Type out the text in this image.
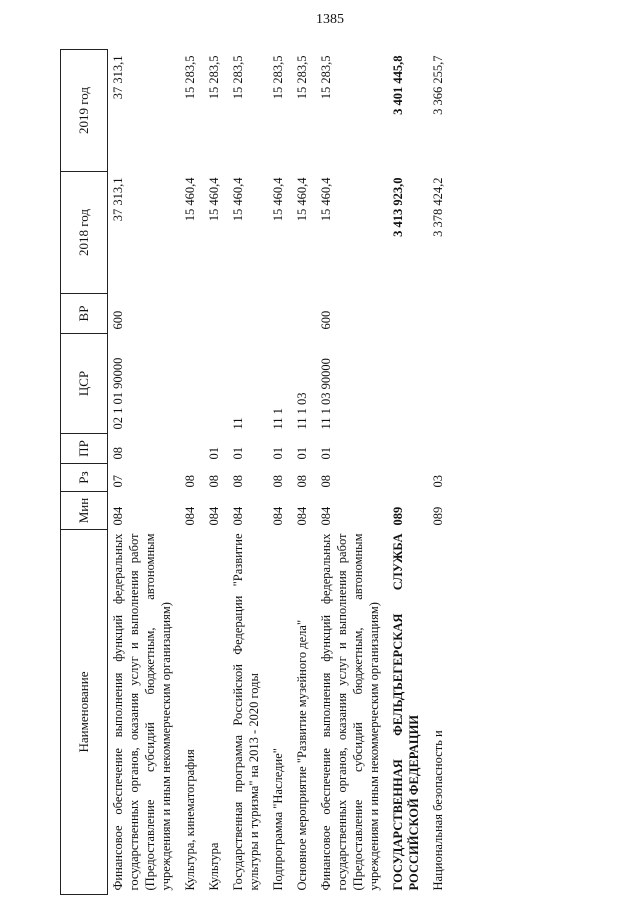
1385
Наименование	Мин	Рз	ПР	ЦСР	ВР	2018 год	2019 год
Финансовое обеспечение выполнения функций федеральных государственных органов, оказания услуг и выполнения работ (Предоставление субсидий бюджетным, автономным учреждениям и иным некоммерческим организациям)	084	07	08	02 1 01 90000	600	37 313,1	37 313,1
Культура, кинематография	084	08				15 460,4	15 283,5
Культура	084	08	01			15 460,4	15 283,5
Государственная программа Российской Федерации "Развитие культуры и туризма" на 2013 - 2020 годы	084	08	01	11		15 460,4	15 283,5
Подпрограмма "Наследие"	084	08	01	11 1		15 460,4	15 283,5
Основное мероприятие "Развитие музейного дела"	084	08	01	11 1 03		15 460,4	15 283,5
Финансовое обеспечение выполнения функций федеральных государственных органов, оказания услуг и выполнения работ (Предоставление субсидий бюджетным, автономным учреждениям и иным некоммерческим организациям)	084	08	01	11 1 03 90000	600	15 460,4	15 283,5
ГОСУДАРСТВЕННАЯ ФЕЛЬДЪЕГЕРСКАЯ СЛУЖБА РОССИЙСКОЙ ФЕДЕРАЦИИ	089					3 413 923,0	3 401 445,8
Национальная безопасность и	089	03				3 378 424,2	3 366 255,7
